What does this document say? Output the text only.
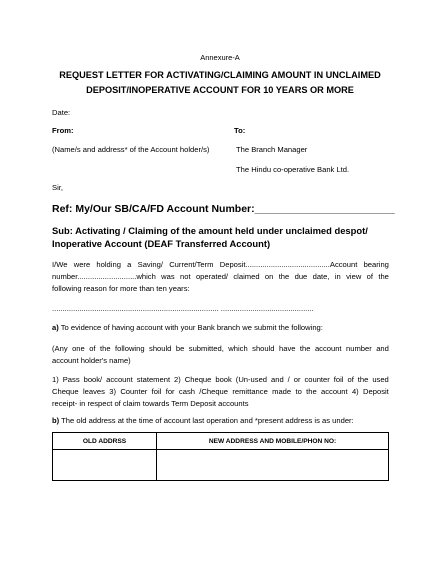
Annexure-A
REQUEST LETTER FOR ACTIVATING/CLAIMING AMOUNT IN UNCLAIMED
DEPOSIT/INOPERATIVE ACCOUNT FOR 10 YEARS OR MORE
Date:
From:	To:
(Name/s and address* of the Account holder/s)	The Branch Manager
The Hindu co-operative Bank Ltd.
Sir,
Ref: My/Our SB/CA/FD Account Number:________________________
Sub: Activating / Claiming of the amount held under unclaimed despot/
Inoperative Account (DEAF Transferred Account)
I/We were holding a Saving/ Current/Term Deposit........................................Account bearing
number............................which was not operated/ claimed on the due date, in view of the
following reason for more than ten years:
............................................................................... ............................................
a) To evidence of having account with your Bank branch we submit the following:
(Any one of the following should be submitted, which should have the account number and
account holder's name)
1) Pass book/ account statement 2) Cheque book (Un-used and / or counter foil of the used
Cheque leaves 3) Counter foil for cash /Cheque remittance made to the account 4) Deposit
receipt- in respect of claim towards Term Deposit accounts
b) The old address at the time of account last operation and *present address is as under:
OLD ADDRSS	NEW ADDRESS AND MOBILE/PHON NO:
